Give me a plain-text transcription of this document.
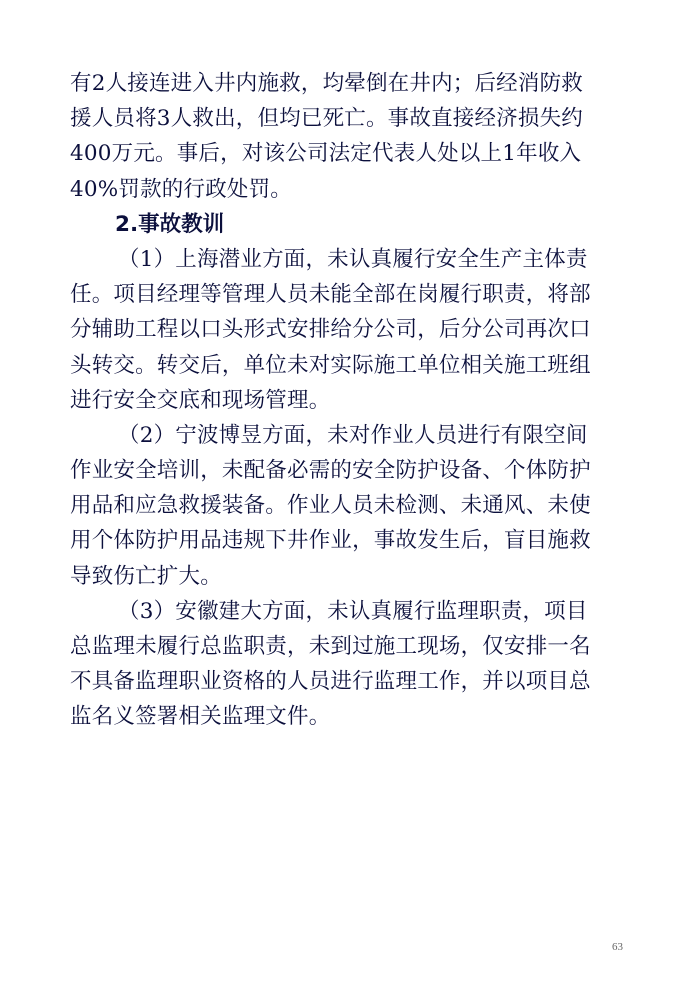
有2人接连进入井内施救，均晕倒在井内；后经消防救
援人员将3人救出，但均已死亡。事故直接经济损失约
400万元。事后，对该公司法定代表人处以上1年收入
40%罚款的行政处罚。
2.事故教训
（1）上海潜业方面，未认真履行安全生产主体责
任。项目经理等管理人员未能全部在岗履行职责，将部
分辅助工程以口头形式安排给分公司，后分公司再次口
头转交。转交后，单位未对实际施工单位相关施工班组
进行安全交底和现场管理。
（2）宁波博昱方面，未对作业人员进行有限空间
作业安全培训，未配备必需的安全防护设备、个体防护
用品和应急救援装备。作业人员未检测、未通风、未使
用个体防护用品违规下井作业，事故发生后，盲目施救
导致伤亡扩大。
（3）安徽建大方面，未认真履行监理职责，项目
总监理未履行总监职责，未到过施工现场，仅安排一名
不具备监理职业资格的人员进行监理工作，并以项目总
监名义签署相关监理文件。
63
